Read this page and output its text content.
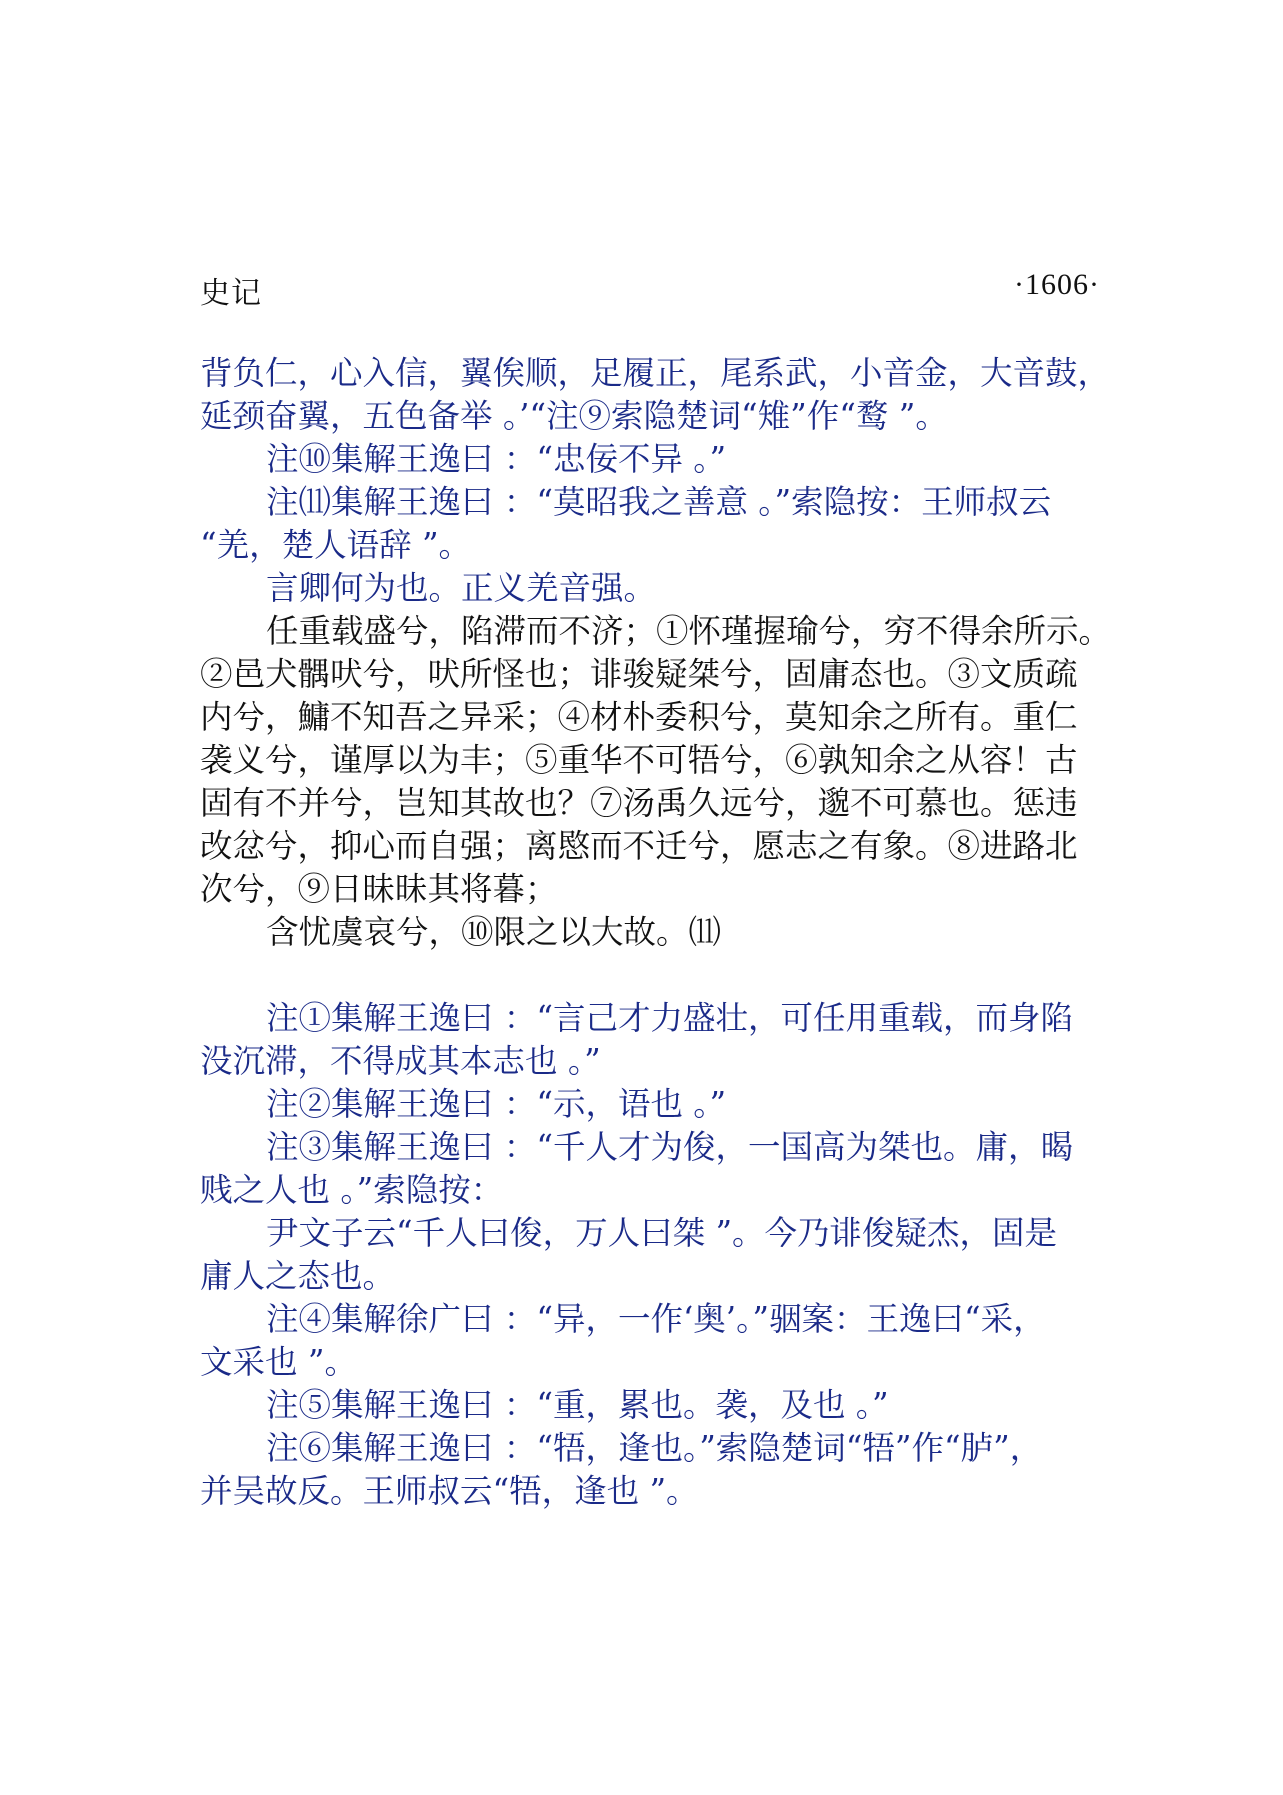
史记	·1606·
背负仁，心入信，翼俟顺，足履正，尾系武，小音金，大音鼓，
延颈奋翼，五色备举 。’“注⑨索隐楚词“雉”作“鹜 ”。
注⑩集解王逸曰 ：“忠佞不异 。”
注⑾集解王逸曰 ：“莫昭我之善意 。”索隐按：王师叔云
“羌，楚人语辞 ”。
言卿何为也。正义羌音强。
任重载盛兮，陷滞而不济；①怀瑾握瑜兮，穷不得余所示。
②邑犬髃吠兮，吠所怪也；诽骏疑桀兮，固庸态也。③文质疏
内兮，鱅不知吾之异采；④材朴委积兮，莫知余之所有。重仁
袭义兮，谨厚以为丰；⑤重华不可牾兮，⑥孰知余之从容！古
固有不并兮，岂知其故也？⑦汤禹久远兮，邈不可慕也。惩违
改忿兮，抑心而自强；离愍而不迁兮，愿志之有象。⑧进路北
次兮，⑨日昧昧其将暮；
含忧虞哀兮，⑩限之以大故。⑾
注①集解王逸曰 ：“言己才力盛壮，可任用重载，而身陷
没沉滞，不得成其本志也 。”
注②集解王逸曰 ：“示，语也 。”
注③集解王逸曰 ：“千人才为俊，一国高为桀也。庸，暍
贱之人也 。”索隐按：
尹文子云“千人曰俊，万人曰桀 ”。今乃诽俊疑杰，固是
庸人之态也。
注④集解徐广曰 ：“异，一作‘奥’。”骃案：王逸曰“采，
文采也 ”。
注⑤集解王逸曰 ：“重，累也。袭，及也 。”
注⑥集解王逸曰 ：“牾，逢也。”索隐楚词“牾”作“胪”，
并吴故反。王师叔云“牾，逢也 ”。
